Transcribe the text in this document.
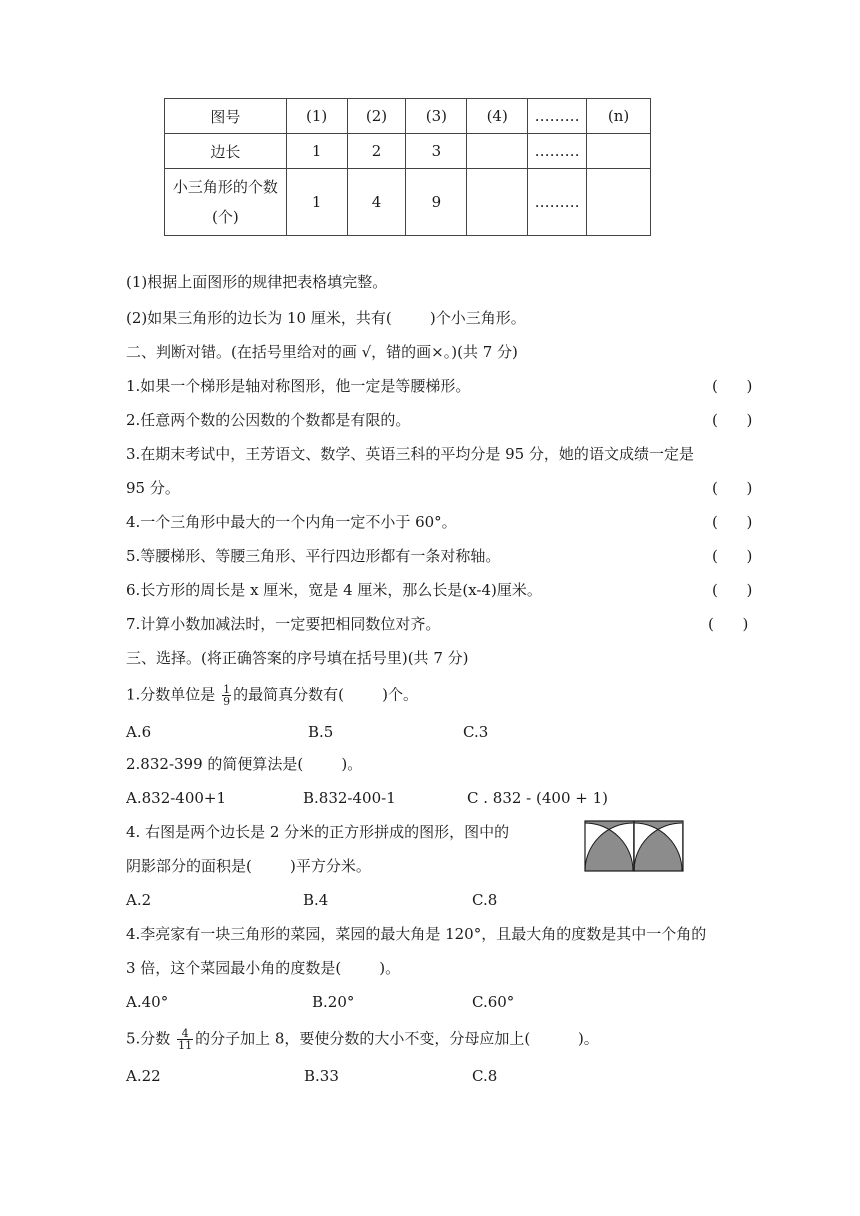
图号	(1)	(2)	(3)	(4)	………	(n)
边长	1	2	3		………	

小三角形的个数
(个)	1	4	9		………	
(1)根据上面图形的规律把表格填完整。
(2)如果三角形的边长为 10 厘米，共有(        )个小三角形。
二、判断对错。(在括号里给对的画 √，错的画×。)(共 7 分)
1.如果一个梯形是轴对称图形，他一定是等腰梯形。	(      )
2.任意两个数的公因数的个数都是有限的。	(      )
3.在期末考试中，王芳语文、数学、英语三科的平均分是 95 分，她的语文成绩一定是
95 分。	(      )
4.一个三角形中最大的一个内角一定不小于 60°。	(      )
5.等腰梯形、等腰三角形、平行四边形都有一条对称轴。	(      )
6.长方形的周长是 x 厘米，宽是 4 厘米，那么长是(x-4)厘米。	(      )
7.计算小数加减法时，一定要把相同数位对齐。	(      )
三、选择。(将正确答案的序号填在括号里)(共 7 分)
1.分数单位是 $\frac{1}{9}$ 的最简真分数有(        )个。
A.6	B.5	C.3
2.832-399 的简便算法是(        )。
A.832-400+1	B.832-400-1	C . 832 - (400 + 1)
4. 右图是两个边长是 2 分米的正方形拼成的图形，图中的
阴影部分的面积是(        )平方分米。
A.2	B.4	C.8
4.李亮家有一块三角形的菜园，菜园的最大角是 120°，且最大角的度数是其中一个角的
3 倍，这个菜园最小角的度数是(        )。
A.40°	B.20°	C.60°
5.分数 $\frac{4}{11}$ 的分子加上 8，要使分数的大小不变，分母应加上(          )。
A.22	B.33	C.8
